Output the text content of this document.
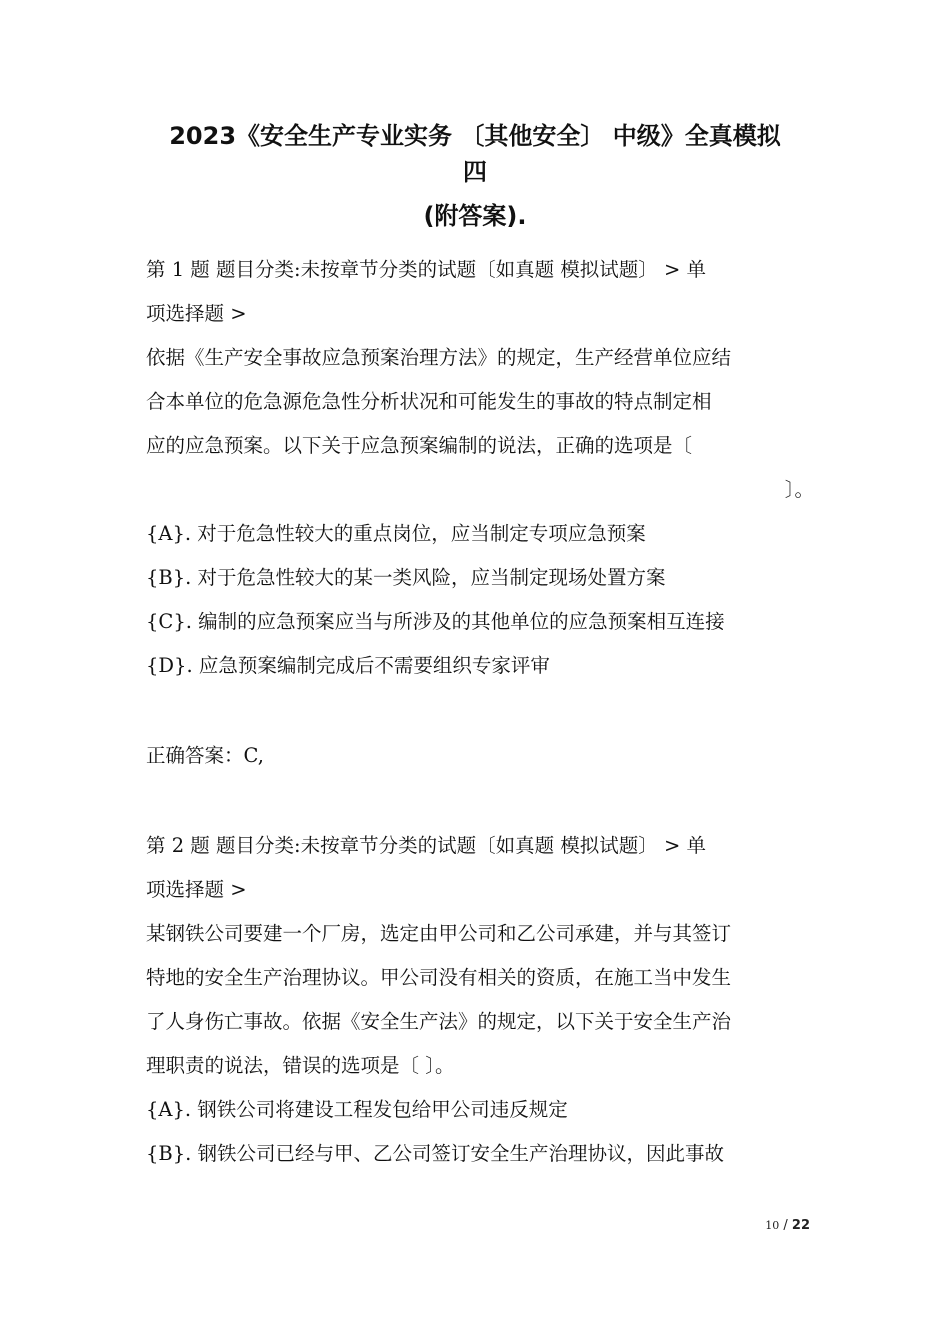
2023《安全生产专业实务 〔其他安全〕 中级》全真模拟
四
(附答案).

第 1 题 题目分类:未按章节分类的试题〔如真题 模拟试题〕 > 单

项选择题 >

依据《生产安全事故应急预案治理方法》的规定，生产经营单位应结

合本单位的危急源危急性分析状况和可能发生的事故的特点制定相

应的应急预案。以下关于应急预案编制的说法，正确的选项是〔

〕。

{A}. 对于危急性较大的重点岗位，应当制定专项应急预案

{B}. 对于危急性较大的某一类风险，应当制定现场处置方案

{C}. 编制的应急预案应当与所涉及的其他单位的应急预案相互连接

{D}. 应急预案编制完成后不需要组织专家评审

正确答案：C,

第 2 题 题目分类:未按章节分类的试题〔如真题 模拟试题〕 > 单

项选择题 >

某钢铁公司要建一个厂房，选定由甲公司和乙公司承建，并与其签订

特地的安全生产治理协议。甲公司没有相关的资质，在施工当中发生

了人身伤亡事故。依据《安全生产法》的规定，以下关于安全生产治

理职责的说法，错误的选项是〔 〕。

{A}. 钢铁公司将建设工程发包给甲公司违反规定

{B}. 钢铁公司已经与甲、乙公司签订安全生产治理协议，因此事故

10 / 22
